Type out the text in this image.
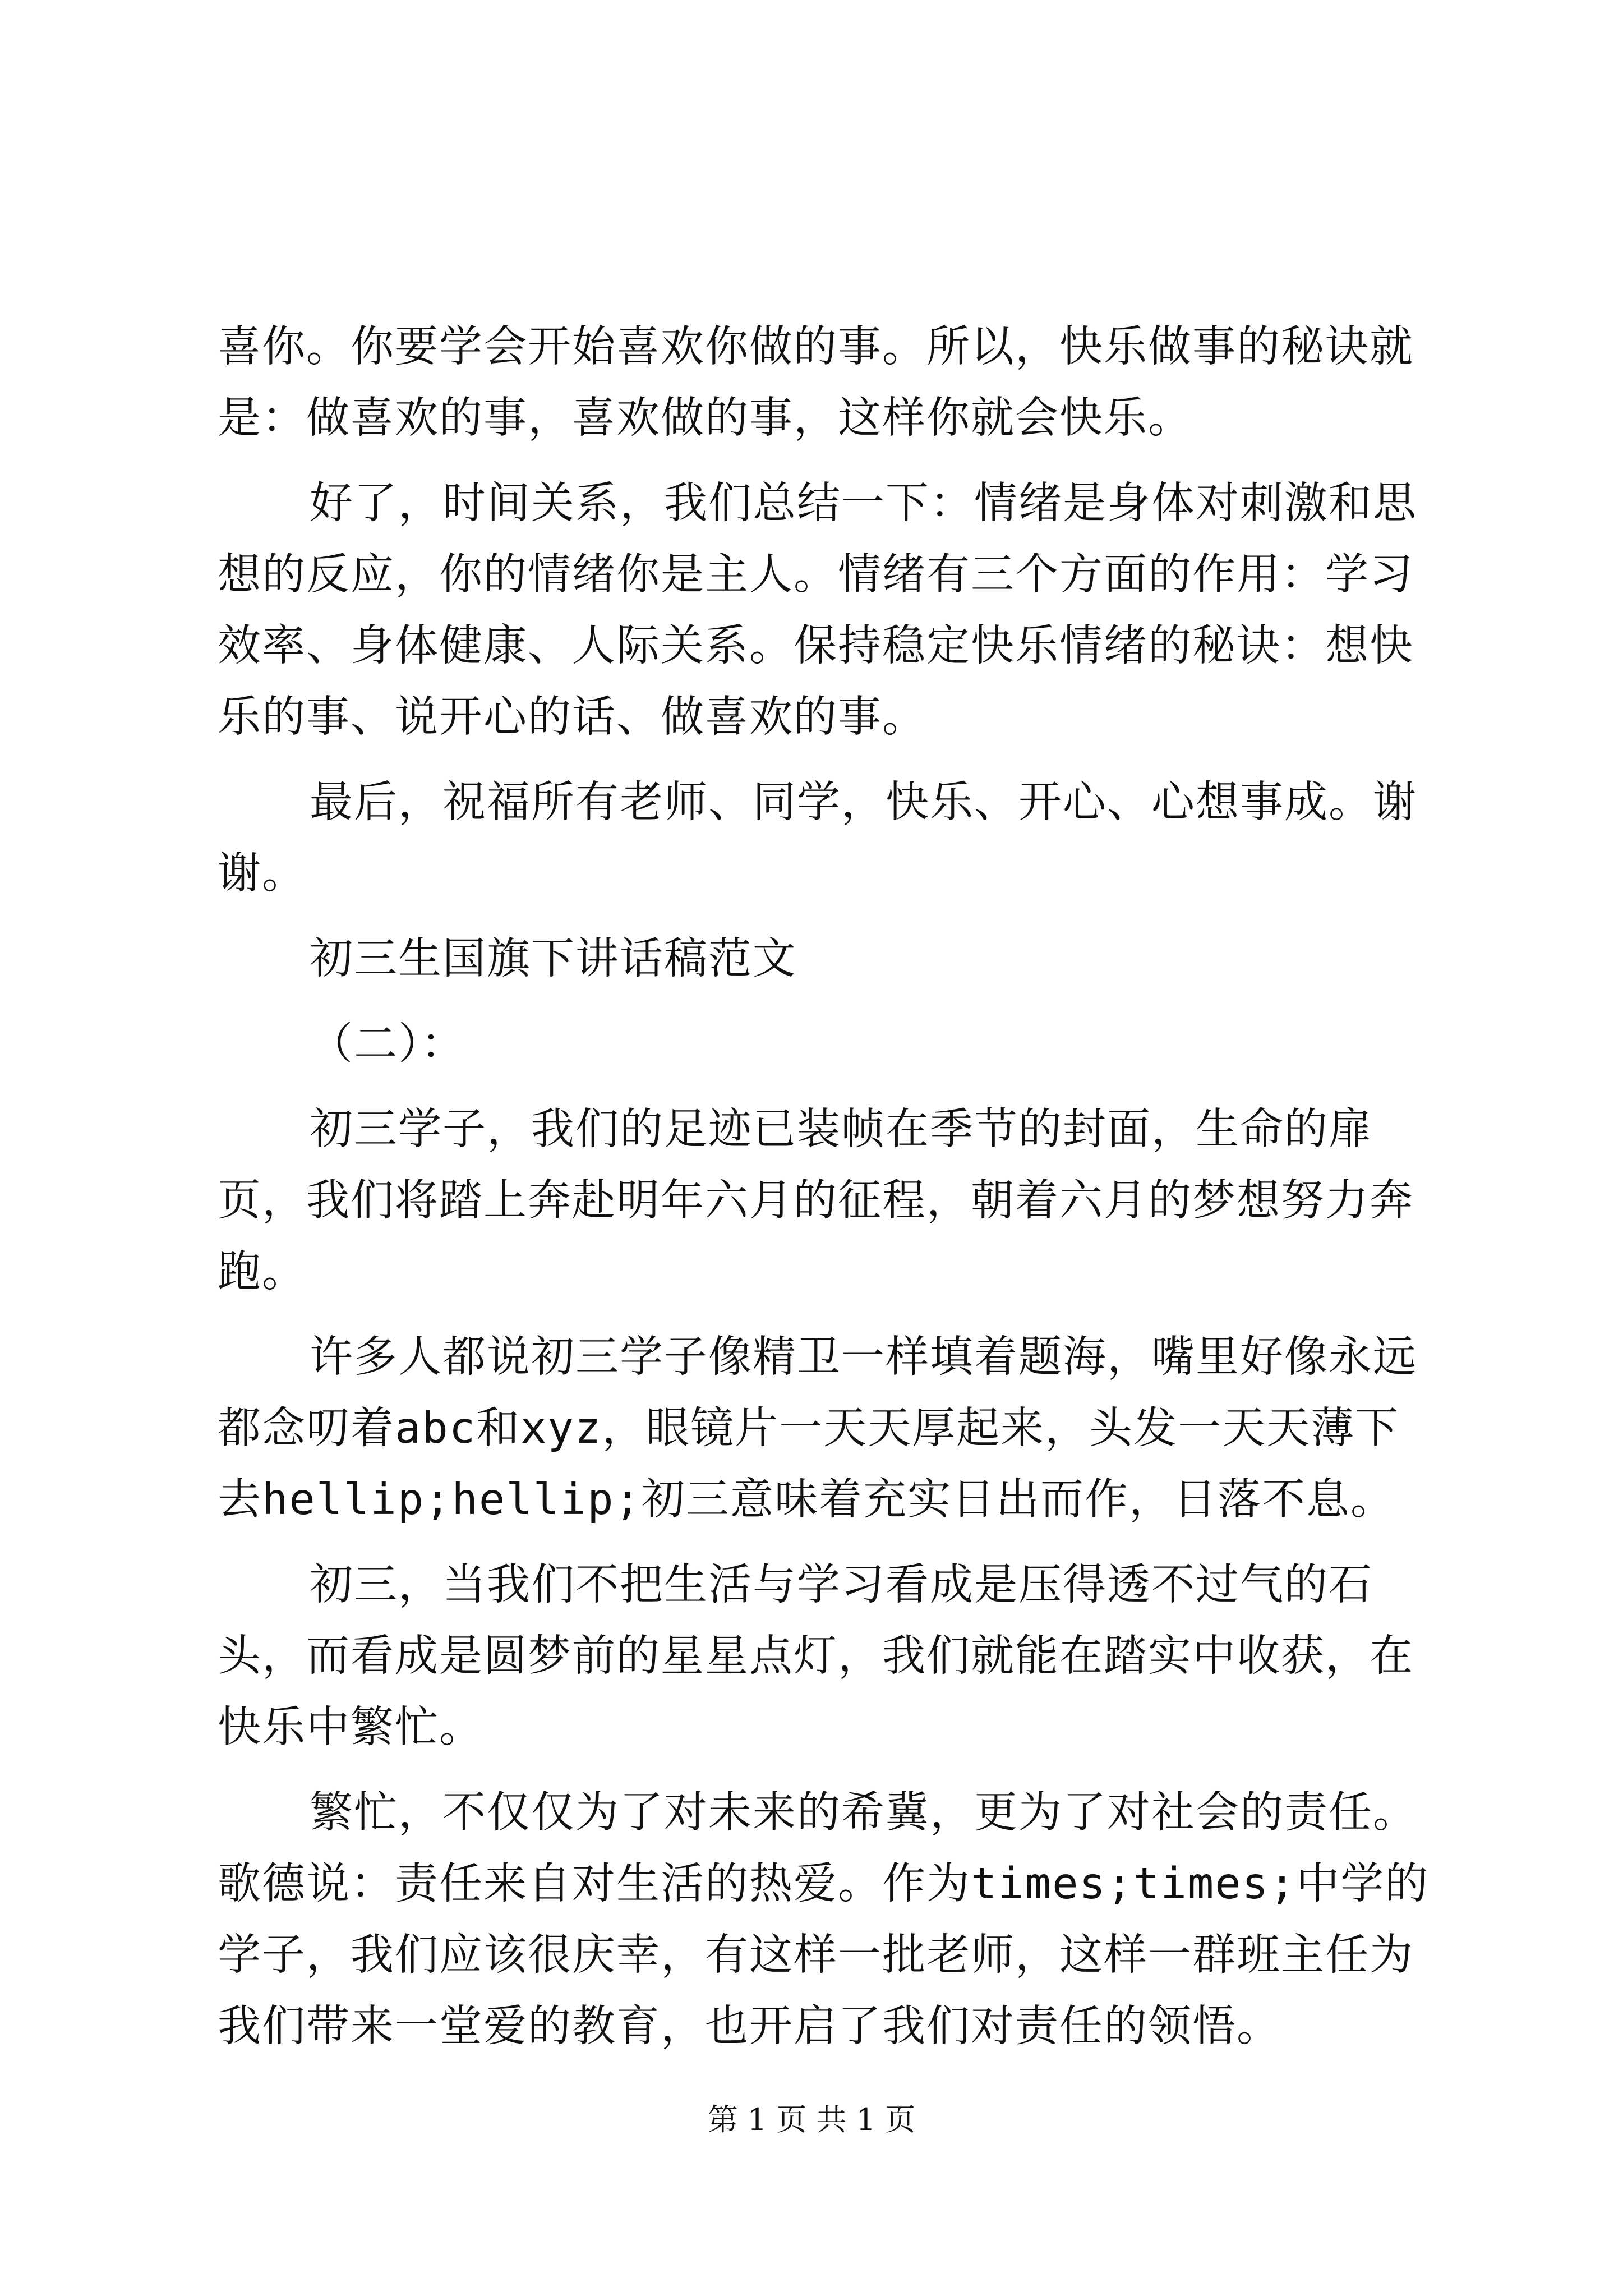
喜你。你要学会开始喜欢你做的事。所以，快乐做事的秘诀就是：做喜欢的事，喜欢做的事，这样你就会快乐。

好了，时间关系，我们总结一下：情绪是身体对刺激和思想的反应，你的情绪你是主人。情绪有三个方面的作用：学习效率、身体健康、人际关系。保持稳定快乐情绪的秘诀：想快乐的事、说开心的话、做喜欢的事。

最后，祝福所有老师、同学，快乐、开心、心想事成。谢谢。

初三生国旗下讲话稿范文

（二）：

初三学子，我们的足迹已装帧在季节的封面，生命的扉页，我们将踏上奔赴明年六月的征程，朝着六月的梦想努力奔跑。

许多人都说初三学子像精卫一样填着题海，嘴里好像永远都念叨着abc和xyz，眼镜片一天天厚起来，头发一天天薄下去hellip;hellip;初三意味着充实日出而作，日落不息。

初三，当我们不把生活与学习看成是压得透不过气的石头，而看成是圆梦前的星星点灯，我们就能在踏实中收获，在快乐中繁忙。

繁忙，不仅仅为了对未来的希冀，更为了对社会的责任。歌德说：责任来自对生活的热爱。作为times;times;中学的学子，我们应该很庆幸，有这样一批老师，这样一群班主任为我们带来一堂爱的教育，也开启了我们对责任的领悟。

第 1 页 共 1 页
